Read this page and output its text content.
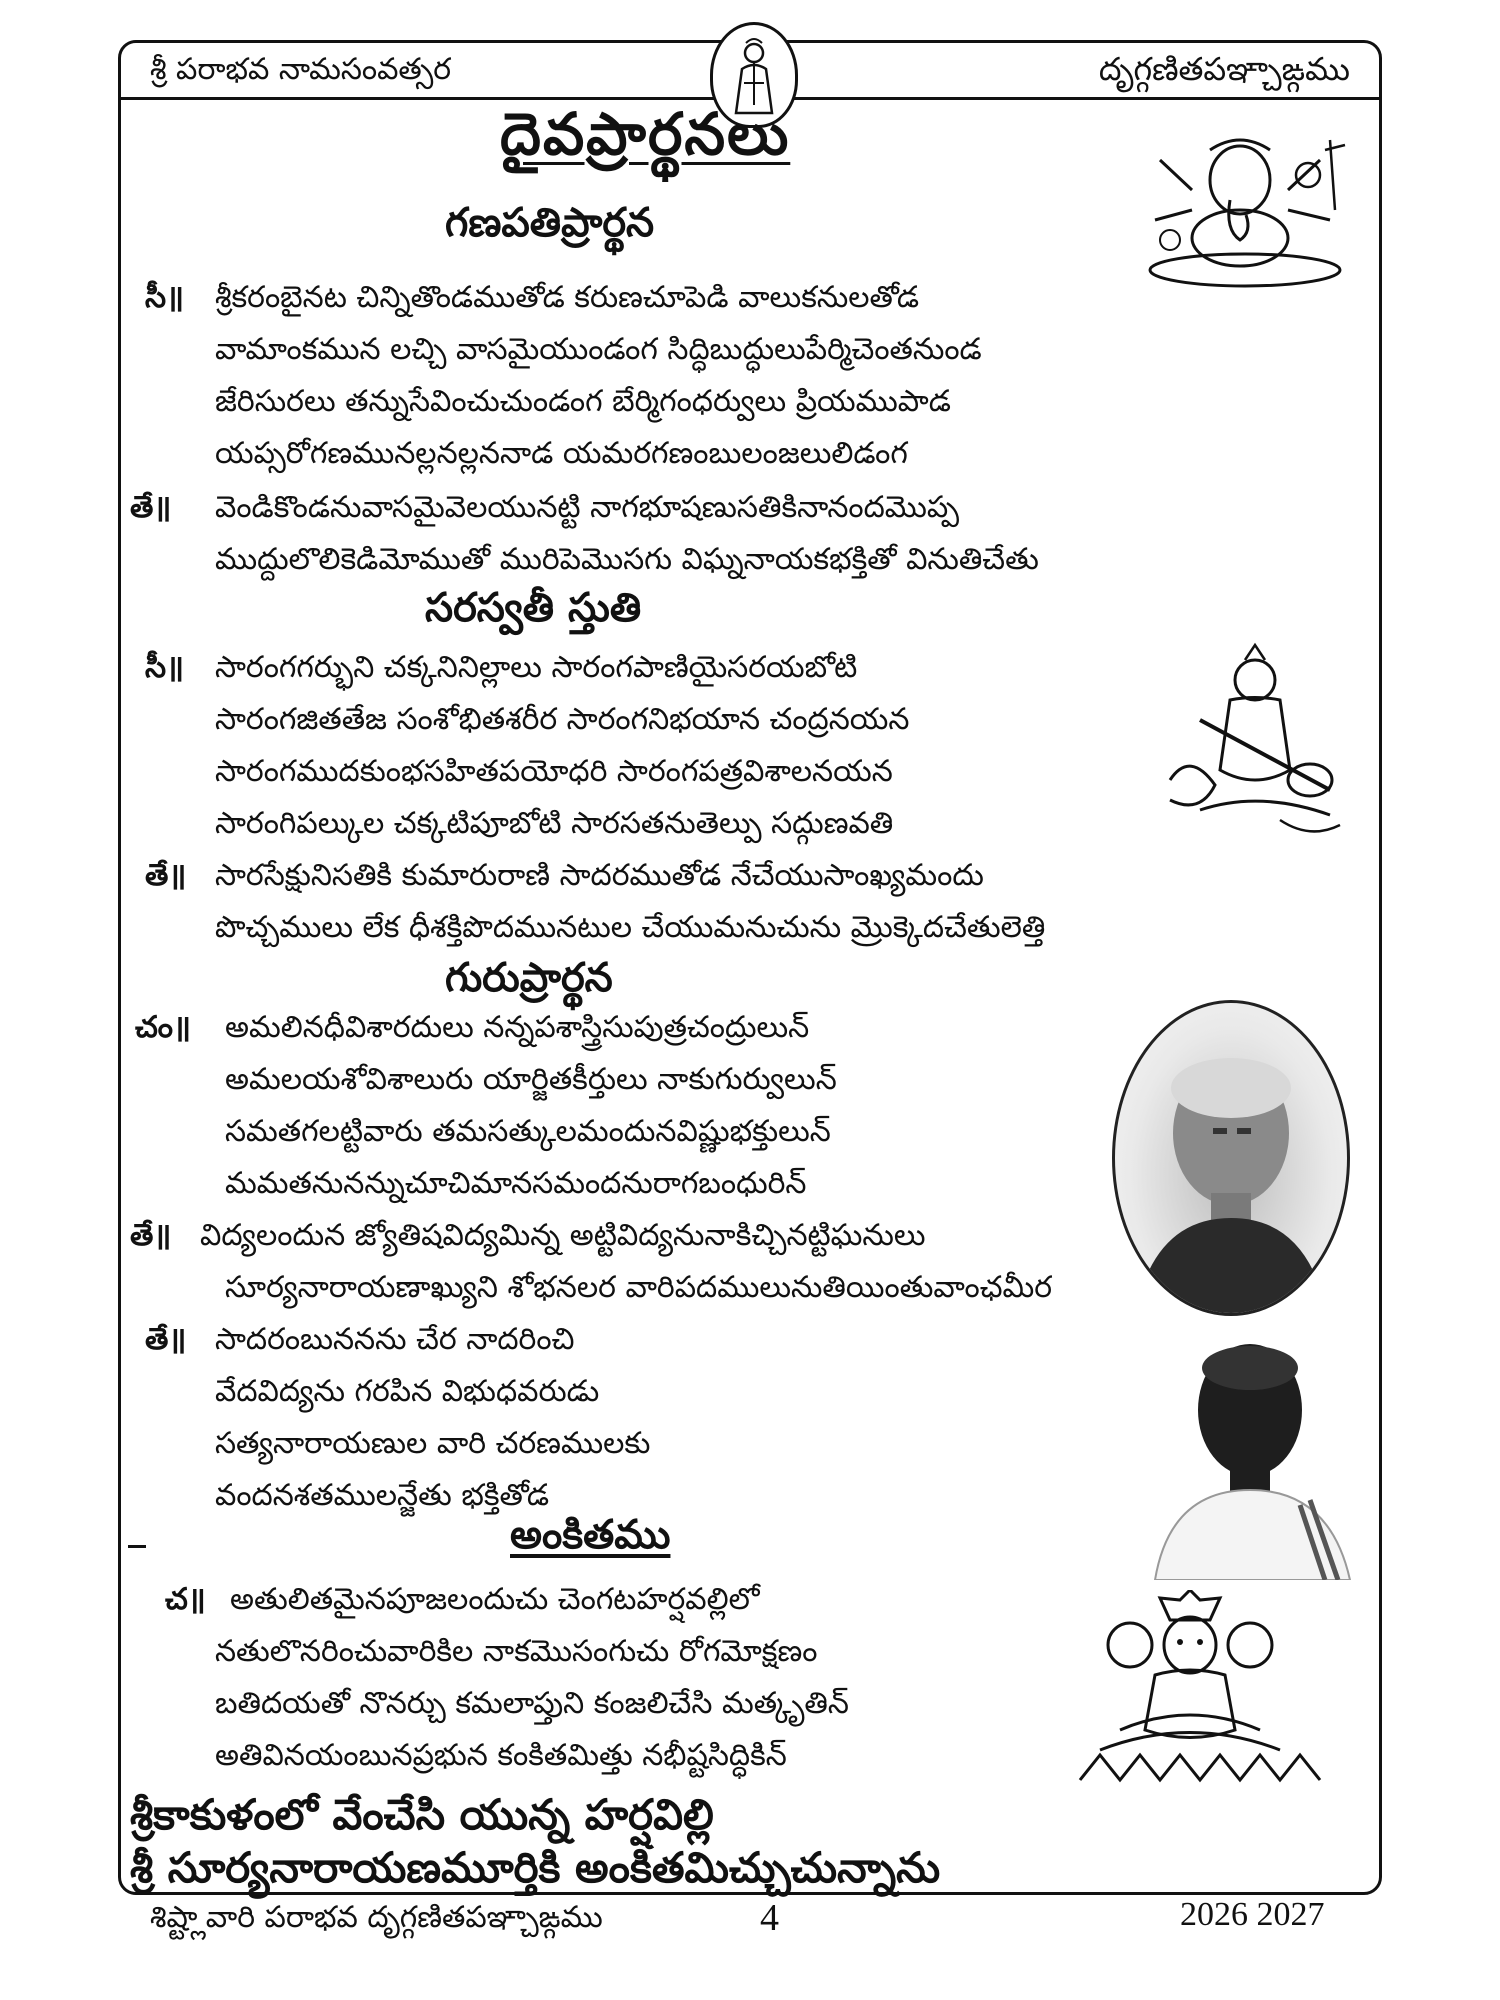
శ్రీ పరాభవ నామసంవత్సర	దృగ్గణితపఞ్చాఙ్గము
దైవప్రార్థనలు
గణపతిప్రార్థన
సీ॥ శ్రీకరంబైనట చిన్నితొండముతోడ కరుణచూపెడి వాలుకనులతోడ
వామాంకమున లచ్చి వాసమైయుండంగ సిద్ధిబుద్ధులుపేర్మిచెంతనుండ
జేరిసురలు తన్నుసేవించుచుండంగ బేర్మిగంధర్వులు ప్రియముపాడ
యప్సరోగణమునల్లనల్లననాడ యమరగణంబులంజలులిడంగ
తే॥ వెండికొండనువాసమైవెలయునట్టి నాగభూషణుసతికినానందమొప్ప
ముద్దులొలికెడిమోముతో మురిపెమొసగు విఘ్ననాయకభక్తితో వినుతిచేతు
సరస్వతీ స్తుతి
సీ॥ సారంగగర్భుని చక్కనినిల్లాలు సారంగపాణియైసరయబోటి
సారంగజితతేజ సంశోభితశరీర సారంగనిభయాన చంద్రనయన
సారంగముదకుంభసహితపయోధరి సారంగపత్రవిశాలనయన
సారంగిపల్కుల చక్కటిపూబోటి సారసతనుతెల్పు సద్గుణవతి
తే॥ సారసేక్షునిసతికి కుమారురాణి సాదరముతోడ నేచేయుసాంఖ్యమందు
పొచ్చములు లేక ధీశక్తిపొదమునటుల చేయుమనుచును మ్రొక్కెదచేతులెత్తి
గురుప్రార్థన
చం॥ అమలినధీవిశారదులు నన్నపశాస్త్రిసుపుత్రచంద్రులున్
అమలయశోవిశాలురు యార్జితకీర్తులు నాకుగుర్వులున్
సమతగలట్టివారు తమసత్కులమందునవిష్ణుభక్తులున్
మమతనునన్నుచూచిమానసమందనురాగబంధురిన్
తే॥ విద్యలందున జ్యోతిషవిద్యమిన్న అట్టివిద్యనునాకిచ్చినట్టిఘనులు
సూర్యనారాయణాఖ్యుని శోభనలర వారిపదములునుతియింతువాంఛమీర
తే॥ సాదరంబుననను చేర నాదరించి
వేదవిద్యను గరపిన విభుధవరుడు
సత్యనారాయణుల వారి చరణములకు
వందనశతములన్జేతు భక్తితోడ
అంకితము
చ॥ అతులితమైనపూజలందుచు చెంగటహర్షవల్లిలో
నతులొనరించువారికిల నాకమొసంగుచు రోగమోక్షణం
బతిదయతో నొనర్చు కమలాప్తుని కంజలిచేసి మత్కృతిన్
అతివినయంబునప్రభున కంకితమిత్తు నభీష్టసిద్ధికిన్
శ్రీకాకుళంలో వేంచేసి యున్న హర్షవిల్లి
శ్రీ సూర్యనారాయణమూర్తికి అంకితమిచ్చుచున్నాను
శిష్ట్లావారి పరాభవ దృగ్గణితపఞ్చాఙ్గము	4	2026 2027
